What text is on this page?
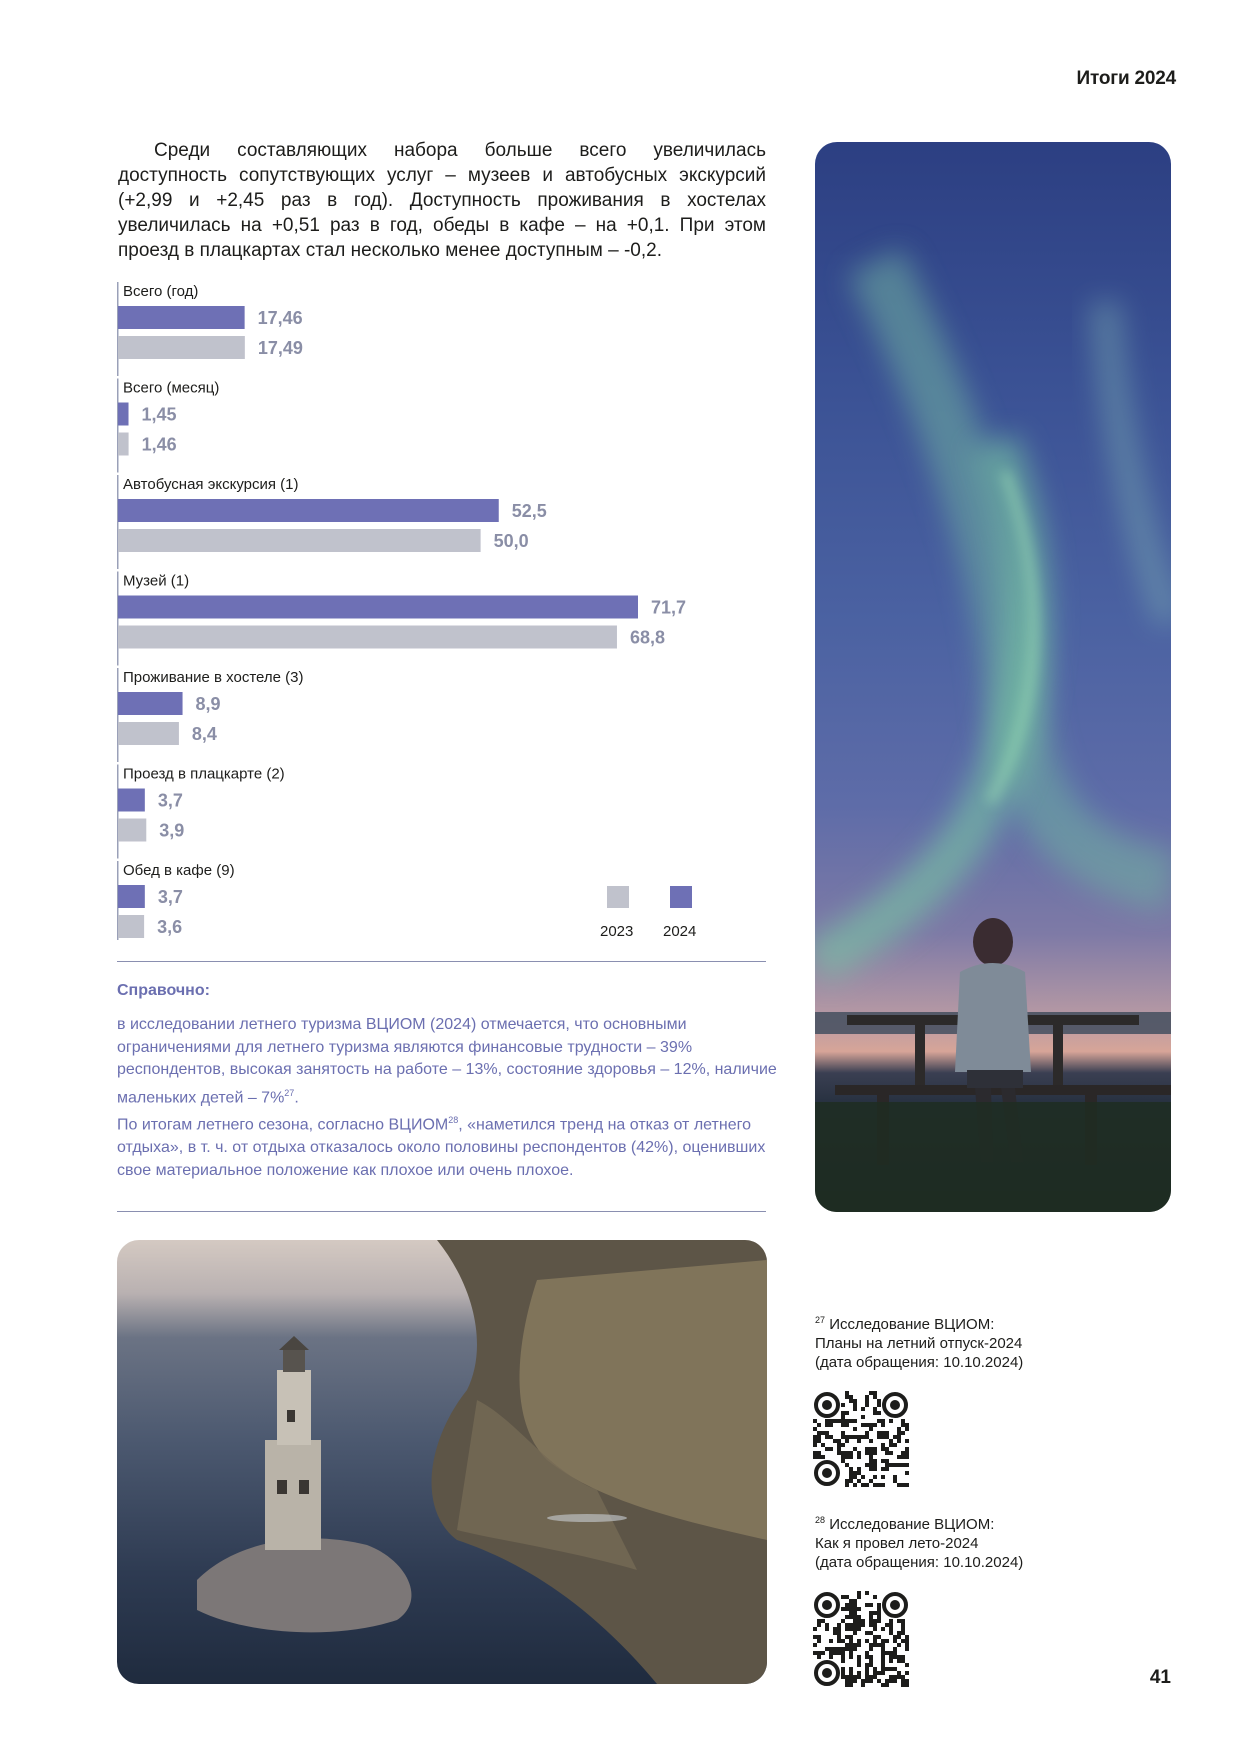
Итоги 2024

Среди составляющих набора больше всего увеличилась доступность сопутствующих услуг – музеев и автобусных экскурсий (+2,99 и +2,45 раз в год). Доступность проживания в хостелах увеличилась на +0,51 раз в год, обеды в кафе – на +0,1. При этом проезд в плацкартах стал несколько менее доступным – -0,2.

Всего (год)
17,46
17,49
Всего (месяц)
1,45
1,46
Автобусная экскурсия (1)
52,5
50,0
Музей (1)
71,7
68,8
Проживание в хостеле (3)
8,9
8,4
Проезд в плацкарте (2)
3,7
3,9
Обед в кафе (9)
3,7
3,6	2023 2024
Справочно:

в исследовании летнего туризма ВЦИОМ (2024) отмечается, что основными ограничениями для летнего туризма являются финансовые трудности – 39% респондентов, высокая занятость на работе – 13%, состояние здоровья – 12%, наличие маленьких детей – 7%$^{27}$.

По итогам летнего сезона, согласно ВЦИОМ$^{28}$, «наметился тренд на отказ от летнего отдыха», в т. ч. от отдыха отказалось около половины респондентов (42%), оценивших свое материальное положение как плохое или очень плохое.

$^{27}$ Исследование ВЦИОМ:
Планы на летний отпуск-2024
(дата обращения: 10.10.2024)
$^{28}$ Исследование ВЦИОМ:
Как я провел лето-2024
(дата обращения: 10.10.2024)
41
